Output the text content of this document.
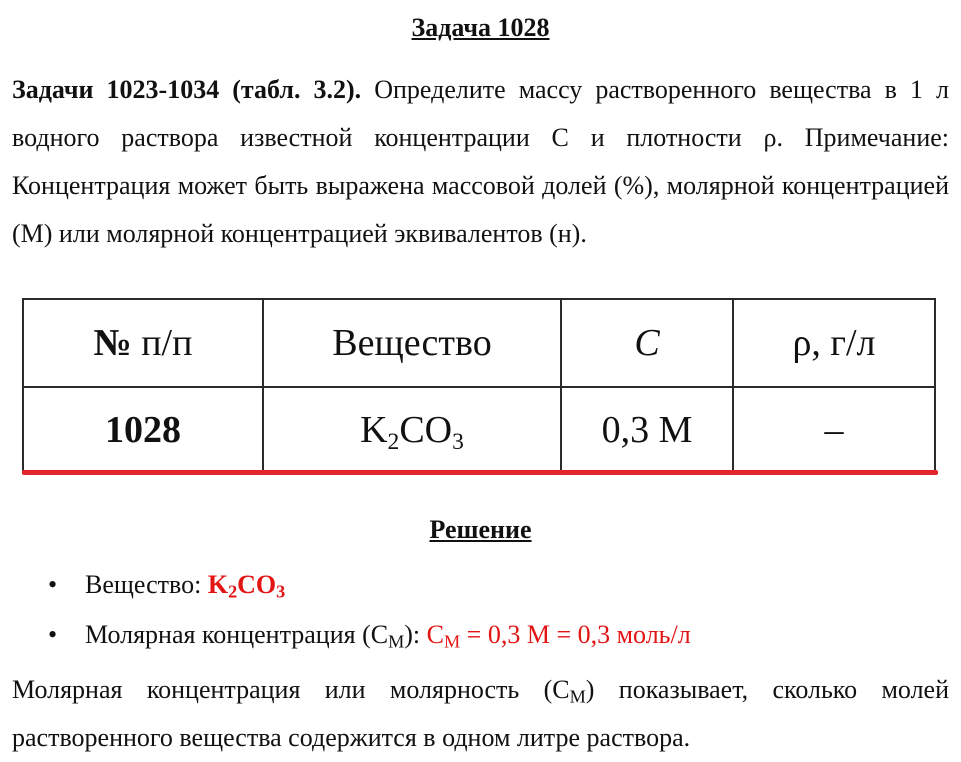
Задача 1028
Задачи 1023-1034 (табл. 3.2). Определите массу растворенного вещества в 1 л водного раствора известной концентрации С и плотности ρ. Примечание: Концентрация может быть выражена массовой долей (%), молярной концентрацией (М) или молярной концентрацией эквивалентов (н).
№ п/п	Вещество	C	ρ, г/л
1028	$K_2CO_3$	0,3 М	–
Решение
• Вещество: $K_2CO_3$
• Молярная концентрация $(C_M)$: $C_M = 0,3$ М = 0,3 моль/л
Молярная концентрация или молярность $(C_M)$ показывает, сколько молей растворенного вещества содержится в одном литре раствора.
